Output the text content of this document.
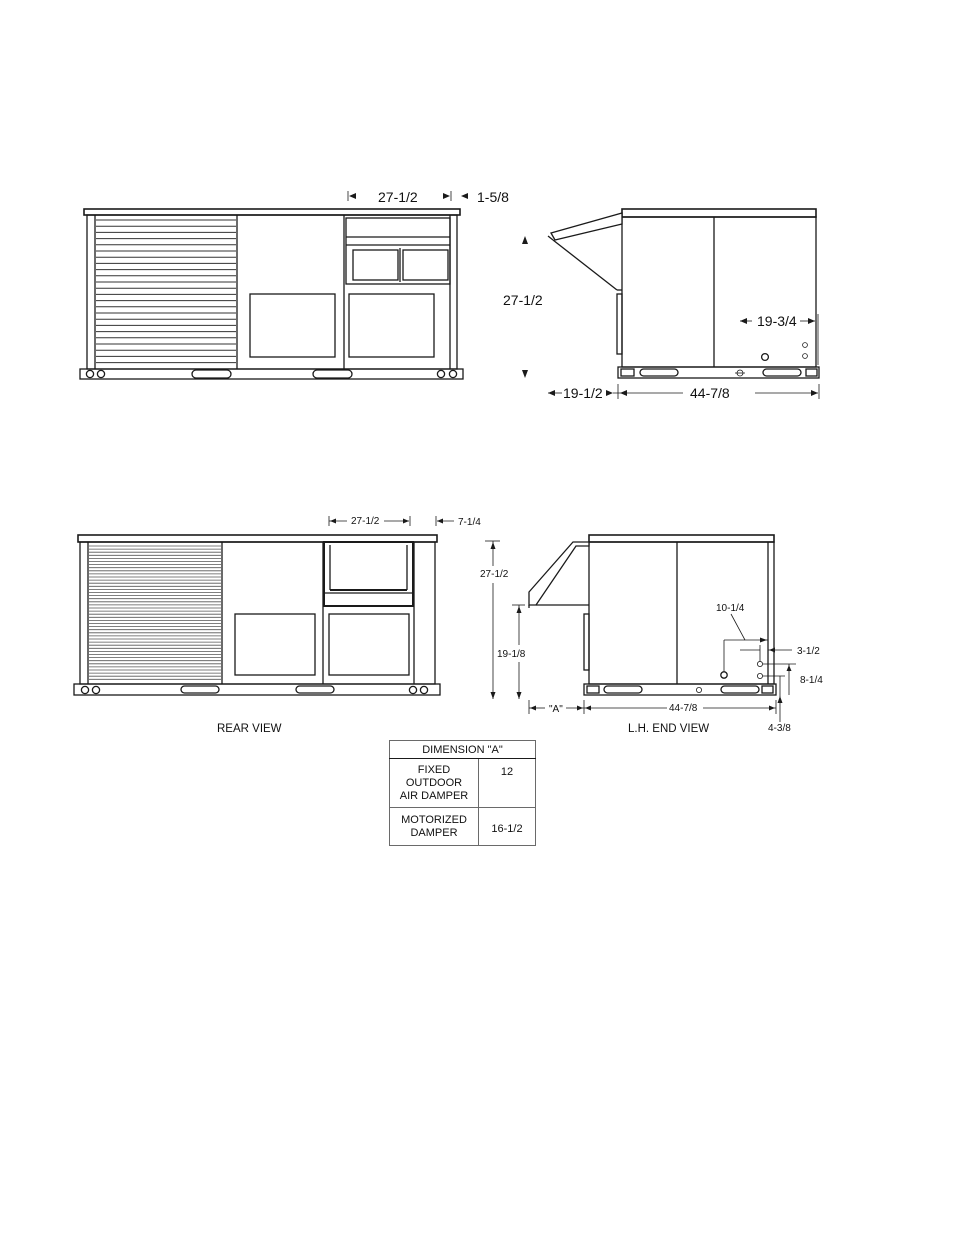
27-1/2	1-5/8
27-1/2
19-3/4
19-1/2	44-7/8
27-1/2	7-1/4
27-1/2
19-1/8
10-1/4
3-1/2
8-1/4
4-3/8
"A"	44-7/8
REAR VIEW	L.H. END VIEW
DIMENSION "A"	

FIXED
OUTDOOR
AIR DAMPER	12

MOTORIZED
DAMPER	16-1/2
